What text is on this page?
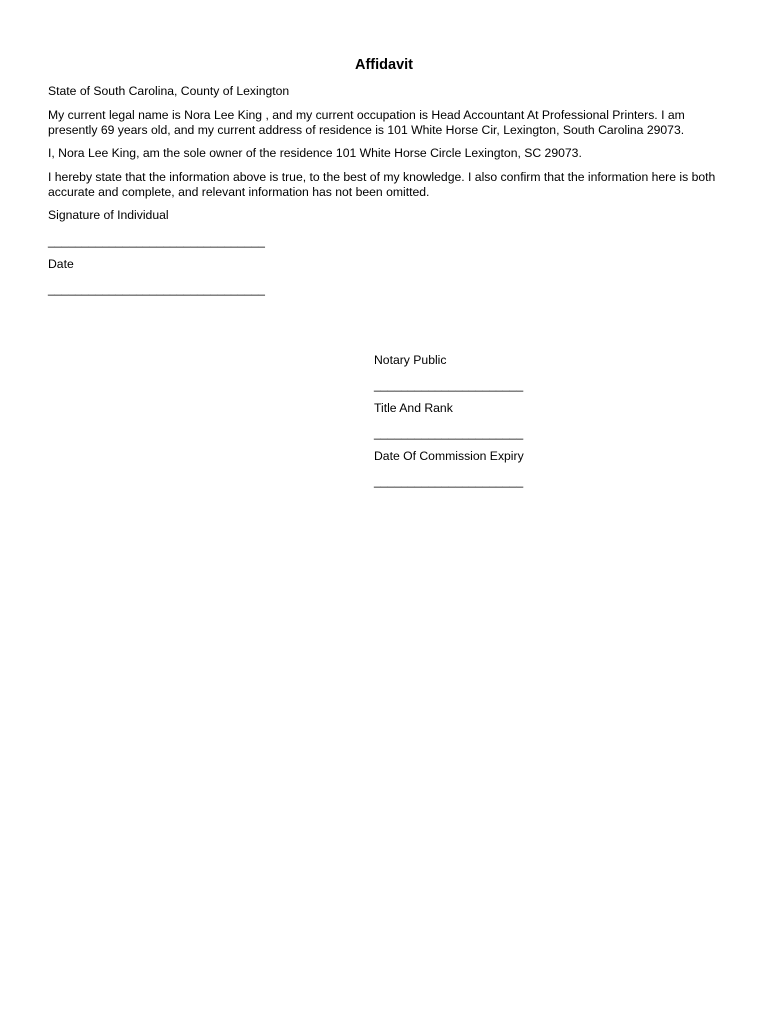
Affidavit
State of South Carolina, County of Lexington
My current legal name is Nora Lee King , and my current occupation is Head Accountant At Professional Printers. I am presently 69 years old, and my current address of residence is 101 White Horse Cir, Lexington, South Carolina 29073.
I, Nora Lee King, am the sole owner of the residence 101 White Horse Circle Lexington, SC 29073.
I hereby state that the information above is true, to the best of my knowledge. I also confirm that the information here is both accurate and complete, and relevant information has not been omitted.
Signature of Individual
________________________________
Date
________________________________
Notary Public
______________________
Title And Rank
______________________
Date Of Commission Expiry
______________________
